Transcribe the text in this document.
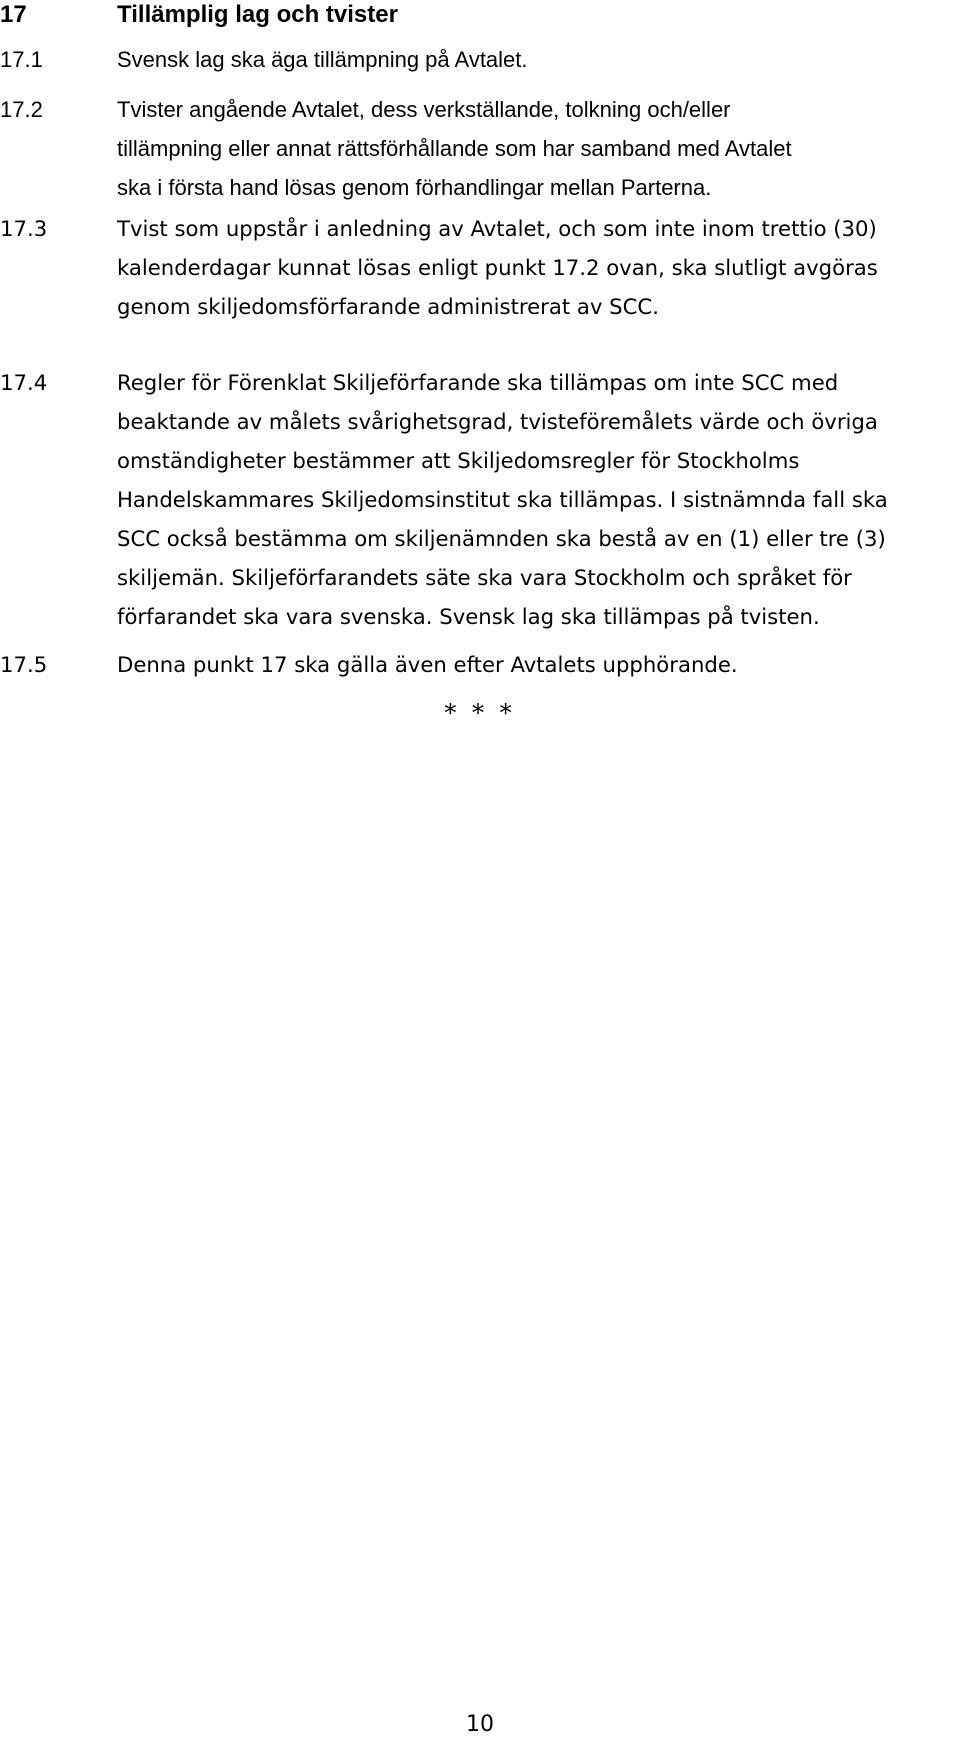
17	Tillämplig lag och tvister
17.1	Svensk lag ska äga tillämpning på Avtalet.
17.2	Tvister angående Avtalet, dess verkställande, tolkning och/eller
tillämpning eller annat rättsförhållande som har samband med Avtalet
ska i första hand lösas genom förhandlingar mellan Parterna.
17.3	Tvist som uppstår i anledning av Avtalet, och som inte inom trettio (30)
kalenderdagar kunnat lösas enligt punkt 17.2 ovan, ska slutligt avgöras
genom skiljedomsförfarande administrerat av SCC.
17.4	Regler för Förenklat Skiljeförfarande ska tillämpas om inte SCC med
beaktande av målets svårighetsgrad, tvisteföremålets värde och övriga
omständigheter bestämmer att Skiljedomsregler för Stockholms
Handelskammares Skiljedomsinstitut ska tillämpas. I sistnämnda fall ska
SCC också bestämma om skiljenämnden ska bestå av en (1) eller tre (3)
skiljemän. Skiljeförfarandets säte ska vara Stockholm och språket för
förfarandet ska vara svenska. Svensk lag ska tillämpas på tvisten.
17.5	Denna punkt 17 ska gälla även efter Avtalets upphörande.
* * *
10
